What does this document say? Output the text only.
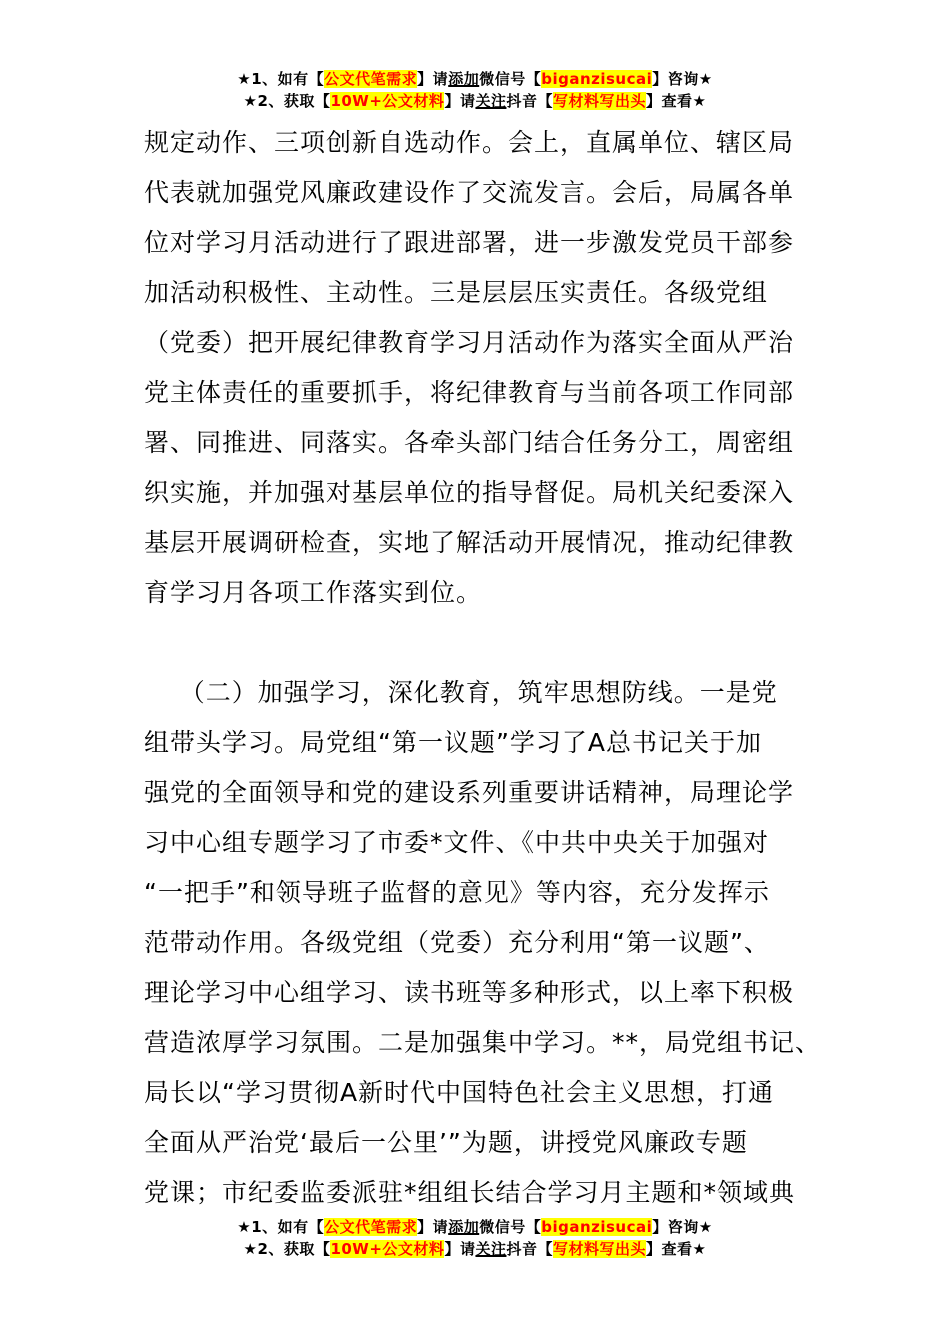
★1、如有【公文代笔需求】请添加微信号【biganzisucai】咨询★
★2、获取【10W+公文材料】请关注抖音【写材料写出头】查看★
规定动作、三项创新自选动作。会上，直属单位、辖区局
代表就加强党风廉政建设作了交流发言。会后，局属各单
位对学习月活动进行了跟进部署，进一步激发党员干部参
加活动积极性、主动性。三是层层压实责任。各级党组
（党委）把开展纪律教育学习月活动作为落实全面从严治
党主体责任的重要抓手，将纪律教育与当前各项工作同部
署、同推进、同落实。各牵头部门结合任务分工，周密组
织实施，并加强对基层单位的指导督促。局机关纪委深入
基层开展调研检查，实地了解活动开展情况，推动纪律教
育学习月各项工作落实到位。
（二）加强学习，深化教育，筑牢思想防线。一是党
组带头学习。局党组“第一议题”学习了A总书记关于加
强党的全面领导和党的建设系列重要讲话精神，局理论学
习中心组专题学习了市委*文件、《中共中央关于加强对
“一把手”和领导班子监督的意见》等内容，充分发挥示
范带动作用。各级党组（党委）充分利用“第一议题”、
理论学习中心组学习、读书班等多种形式，以上率下积极
营造浓厚学习氛围。二是加强集中学习。**，局党组书记、
局长以“学习贯彻A新时代中国特色社会主义思想，打通
全面从严治党‘最后一公里’”为题，讲授党风廉政专题
党课；市纪委监委派驻*组组长结合学习月主题和*领域典
★1、如有【公文代笔需求】请添加微信号【biganzisucai】咨询★
★2、获取【10W+公文材料】请关注抖音【写材料写出头】查看★
